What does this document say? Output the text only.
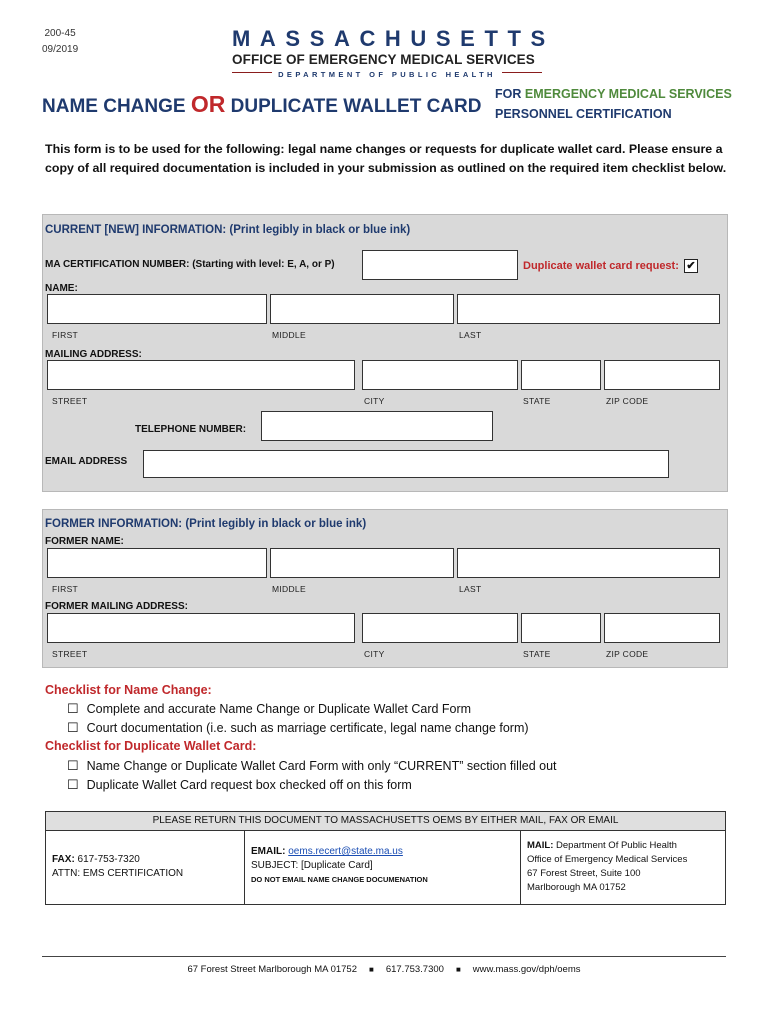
200-45
09/2019	MASSACHUSETTS
OFFICE OF EMERGENCY MEDICAL SERVICES
DEPARTMENT OF PUBLIC HEALTH
NAME CHANGE OR DUPLICATE WALLET CARD
FOR EMERGENCY MEDICAL SERVICES
PERSONNEL CERTIFICATION
This form is to be used for the following: legal name changes or requests for duplicate wallet card. Please ensure a copy of all required documentation is included in your submission as outlined on the required item checklist below.
CURRENT [NEW] INFORMATION: (Print legibly in black or blue ink)
MA CERTIFICATION NUMBER: (Starting with level: E, A, or P)	Duplicate wallet card request: ✔
NAME:
FIRST	MIDDLE	LAST
MAILING ADDRESS:
STREET	CITY	STATE	ZIP CODE
TELEPHONE NUMBER:
EMAIL ADDRESS
FORMER INFORMATION: (Print legibly in black or blue ink)
FORMER NAME:
FIRST	MIDDLE	LAST
FORMER MAILING ADDRESS:
STREET	CITY	STATE	ZIP CODE
Checklist for Name Change:
☐ Complete and accurate Name Change or Duplicate Wallet Card Form
☐ Court documentation (i.e. such as marriage certificate, legal name change form)
Checklist for Duplicate Wallet Card:
☐ Name Change or Duplicate Wallet Card Form with only “CURRENT” section filled out
☐ Duplicate Wallet Card request box checked off on this form
PLEASE RETURN THIS DOCUMENT TO MASSACHUSETTS OEMS BY EITHER MAIL, FAX OR EMAIL
FAX: 617-753-7320
ATTN: EMS CERTIFICATION
EMAIL: oems.recert@state.ma.us
SUBJECT: [Duplicate Card]
DO NOT EMAIL NAME CHANGE DOCUMENATION
MAIL: Department Of Public Health
Office of Emergency Medical Services
67 Forest Street, Suite 100
Marlborough MA 01752
67 Forest Street Marlborough MA 01752 ■ 617.753.7300 ■ www.mass.gov/dph/oems
